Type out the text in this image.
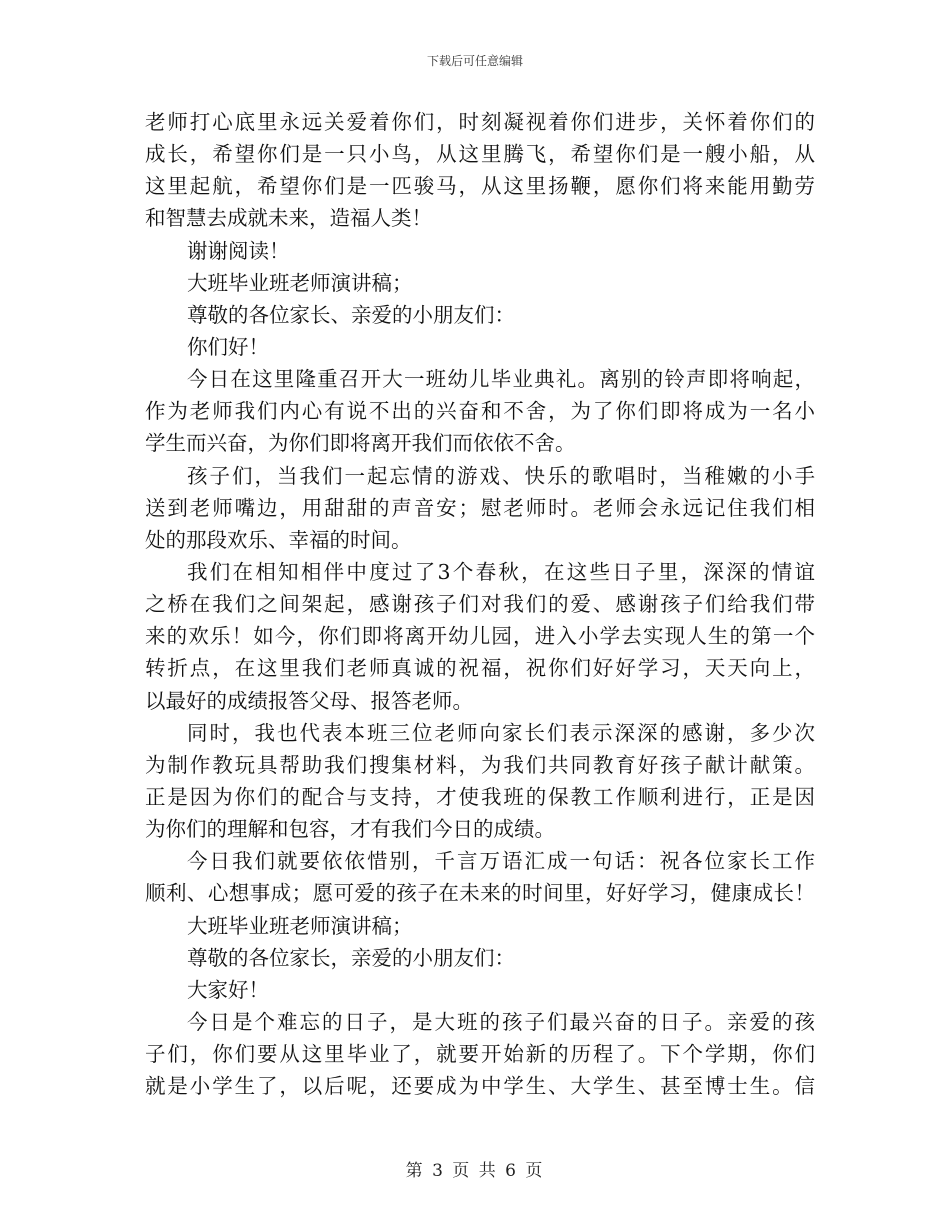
下载后可任意编辑
老师打心底里永远关爱着你们，时刻凝视着你们进步，关怀着你们的
成长，希望你们是一只小鸟，从这里腾飞，希望你们是一艘小船，从
这里起航，希望你们是一匹骏马，从这里扬鞭，愿你们将来能用勤劳
和智慧去成就未来，造福人类！
谢谢阅读！
大班毕业班老师演讲稿；
尊敬的各位家长、亲爱的小朋友们：
你们好！
今日在这里隆重召开大一班幼儿毕业典礼。离别的铃声即将响起，
作为老师我们内心有说不出的兴奋和不舍，为了你们即将成为一名小
学生而兴奋，为你们即将离开我们而依依不舍。
孩子们，当我们一起忘情的游戏、快乐的歌唱时，当稚嫩的小手
送到老师嘴边，用甜甜的声音安；慰老师时。老师会永远记住我们相
处的那段欢乐、幸福的时间。
我们在相知相伴中度过了3个春秋，在这些日子里，深深的情谊
之桥在我们之间架起，感谢孩子们对我们的爱、感谢孩子们给我们带
来的欢乐！如今，你们即将离开幼儿园，进入小学去实现人生的第一个
转折点，在这里我们老师真诚的祝福，祝你们好好学习，天天向上，
以最好的成绩报答父母、报答老师。
同时，我也代表本班三位老师向家长们表示深深的感谢，多少次
为制作教玩具帮助我们搜集材料，为我们共同教育好孩子献计献策。
正是因为你们的配合与支持，才使我班的保教工作顺利进行，正是因
为你们的理解和包容，才有我们今日的成绩。
今日我们就要依依惜别，千言万语汇成一句话：祝各位家长工作
顺利、心想事成；愿可爱的孩子在未来的时间里，好好学习，健康成长！
大班毕业班老师演讲稿；
尊敬的各位家长，亲爱的小朋友们：
大家好！
今日是个难忘的日子，是大班的孩子们最兴奋的日子。亲爱的孩
子们，你们要从这里毕业了，就要开始新的历程了。下个学期，你们
就是小学生了，以后呢，还要成为中学生、大学生、甚至博士生。信
第 3 页 共 6 页
